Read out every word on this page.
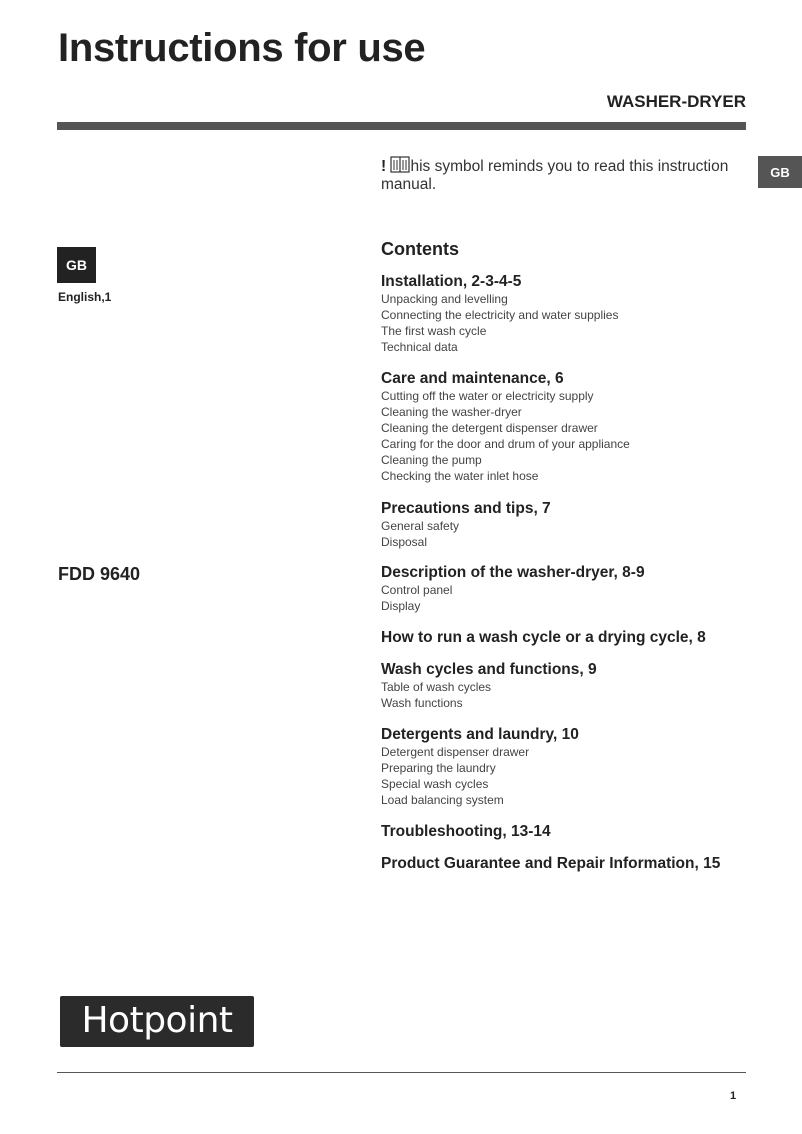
Instructions for use
WASHER-DRYER
GB
GB
English,1
FDD 9640
! his symbol reminds you to read this instruction manual.
Contents
Installation, 2-3-4-5
Unpacking and levelling
Connecting the electricity and water supplies
The first wash cycle
Technical data
Care and maintenance, 6
Cutting off the water or electricity supply
Cleaning the washer-dryer
Cleaning the detergent dispenser drawer
Caring for the door and drum of your appliance
Cleaning the pump
Checking the water inlet hose
Precautions and tips, 7
General safety
Disposal
Description of the washer-dryer, 8-9
Control panel
Display
How to run a wash cycle or a drying cycle, 8
Wash cycles and functions, 9
Table of wash cycles
Wash functions
Detergents and laundry, 10
Detergent dispenser drawer
Preparing the laundry
Special wash cycles
Load balancing system
Troubleshooting, 13-14
Product Guarantee and Repair Information, 15
Hotpoint
1
